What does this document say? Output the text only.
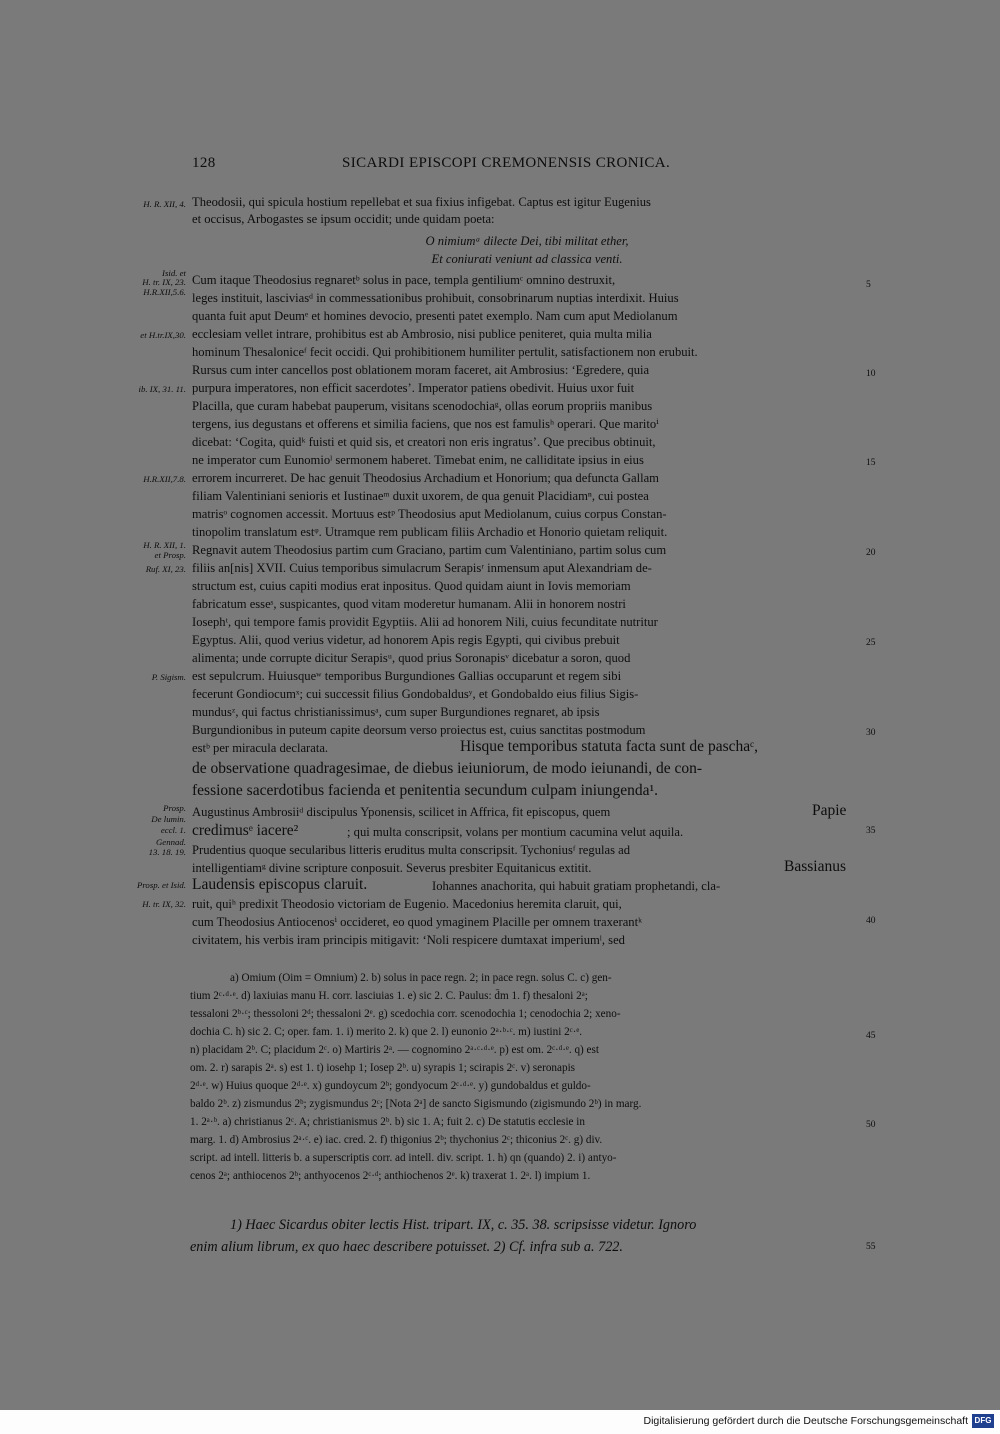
128	SICARDI EPISCOPI CREMONENSIS CRONICA.
Theodosii, qui spicula hostium repellebat et sua fixius infigebat. Captus est igitur Eugenius
et occisus, Arbogastes se ipsum occidit; unde quidam poeta:
O nimiumᵃ dilecte Dei, tibi militat ether,
Et coniurati veniunt ad classica venti.
Cum itaque Theodosius regnaretᵇ solus in pace, templa gentiliumᶜ omnino destruxit,
leges instituit, lasciviasᵈ in commessationibus prohibuit, consobrinarum nuptias interdixit. Huius
quanta fuit aput Deumᵉ et homines devocio, presenti patet exemplo. Nam cum aput Mediolanum
ecclesiam vellet intrare, prohibitus est ab Ambrosio, nisi publice peniteret, quia multa milia
hominum Thesaloniceᶠ fecit occidi. Qui prohibitionem humiliter pertulit, satisfactionem non erubuit.
Rursus cum inter cancellos post oblationem moram faceret, ait Ambrosius: ‘Egredere, quia
purpura imperatores, non efficit sacerdotes’. Imperator patiens obedivit. Huius uxor fuit
Placilla, que curam habebat pauperum, visitans scenodochiaᵍ, ollas eorum propriis manibus
tergens, ius degustans et offerens et similia faciens, que nos est famulisʰ operari. Que maritoⁱ
dicebat: ‘Cogita, quidᵏ fuisti et quid sis, et creatori non eris ingratus’. Que precibus obtinuit,
ne imperator cum Eunomioˡ sermonem haberet. Timebat enim, ne calliditate ipsius in eius
errorem incurreret. De hac genuit Theodosius Archadium et Honorium; qua defuncta Gallam
filiam Valentiniani senioris et Iustinaeᵐ duxit uxorem, de qua genuit Placidiamⁿ, cui postea
matrisᵒ cognomen accessit. Mortuus estᵖ Theodosius aput Mediolanum, cuius corpus Constan-
tinopolim translatum estᵠ. Utramque rem publicam filiis Archadio et Honorio quietam reliquit.
Regnavit autem Theodosius partim cum Graciano, partim cum Valentiniano, partim solus cum
filiis an[nis] XVII. Cuius temporibus simulacrum Serapisʳ inmensum aput Alexandriam de-
structum est, cuius capiti modius erat inpositus. Quod quidam aiunt in Iovis memoriam
fabricatum esseˢ, suspicantes, quod vitam moderetur humanam. Alii in honorem nostri
Iosephᵗ, qui tempore famis providit Egyptiis. Alii ad honorem Nili, cuius fecunditate nutritur
Egyptus. Alii, quod verius videtur, ad honorem Apis regis Egypti, qui civibus prebuit
alimenta; unde corrupte dicitur Serapisᵘ, quod prius Soronapisᵛ dicebatur a soron, quod
est sepulcrum. Huiusqueʷ temporibus Burgundiones Gallias occuparunt et regem sibi
fecerunt Gondiocumˣ; cui successit filius Gondobaldusʸ, et Gondobaldo eius filius Sigis-
mundusᶻ, qui factus christianissimusᵃ, cum super Burgundiones regnaret, ab ipsis
Burgundionibus in puteum capite deorsum verso proiectus est, cuius sanctitas postmodum
estᵇ per miracula declarata.	Hisque temporibus statuta facta sunt de paschaᶜ,
de observatione quadragesimae, de diebus ieiuniorum, de modo ieiunandi, de con-
fessione sacerdotibus facienda et penitentia secundum culpam iniungenda¹.
Augustinus Ambrosiiᵈ discipulus Yponensis, scilicet in Affrica, fit episcopus, quem	Papie
credimusᵉ iacere²	; qui multa conscripsit, volans per montium cacumina velut aquila.
Prudentius quoque secularibus litteris eruditus multa conscripsit. Tychoniusᶠ regulas ad
intelligentiamᵍ divine scripture conposuit. Severus presbiter Equitanicus extitit.	Bassianus
Laudensis episcopus claruit.	Iohannes anachorita, qui habuit gratiam prophetandi, cla-
ruit, quiʰ predixit Theodosio victoriam de Eugenio. Macedonius heremita claruit, qui,
cum Theodosius Antiocenosⁱ occideret, eo quod ymaginem Placille per omnem traxerantᵏ
civitatem, his verbis iram principis mitigavit: ‘Noli respicere dumtaxat imperiumˡ, sed
H. R. XII, 4.
Isid. et
H. tr. IX, 23.
H.R.XII,5.6.
et H.tr.IX,30.
ib. IX, 31. 11.
H.R.XII,7.8.
H. R. XII, 1.
et Prosp.
Ruf. XI, 23.
P. Sigism.
Prosp.
De lumin.
eccl. 1.
Gennad.
13. 18. 19.
Prosp. et Isid.
H. tr. IX, 32.
5
10
15
20
25
30
35
40
45
50
55
a) Omium (Oim = Omnium) 2. b) solus in pace regn. 2; in pace regn. solus C. c) gen-
tium 2ᶜ·ᵈ·ᵉ. d) laxiuias manu H. corr. lasciuias 1. e) sic 2. C. Paulus: d̄m 1. f) thesaloni 2ᵃ;
tessaloni 2ᵇ·ᶜ; thessoloni 2ᵈ; thessaloni 2ᵉ. g) scedochia corr. scenodochia 1; cenodochia 2; xeno-
dochia C. h) sic 2. C; oper. fam. 1. i) merito 2. k) que 2. l) eunonio 2ᵃ·ᵇ·ᶜ. m) iustini 2ᶜ·ᵉ.
n) placidam 2ᵇ. C; placidum 2ᶜ. o) Martiris 2ᵃ. — cognomino 2ᵃ·ᶜ·ᵈ·ᵉ. p) est om. 2ᶜ·ᵈ·ᵉ. q) est
om. 2. r) sarapis 2ᵃ. s) est 1. t) iosehp 1; Iosep 2ᵇ. u) syrapis 1; scirapis 2ᶜ. v) seronapis
2ᵈ·ᵉ. w) Huius quoque 2ᵈ·ᵉ. x) gundoycum 2ᵇ; gondyocum 2ᶜ·ᵈ·ᵉ. y) gundobaldus et guldo-
baldo 2ᵇ. z) zismundus 2ᵇ; zygismundus 2ᶜ; [Nota 2ᵃ] de sancto Sigismundo (zigismundo 2ᵇ) in marg.
1. 2ᵃ·ᵇ. a) christianus 2ᶜ. A; christianismus 2ᵇ. b) sic 1. A; fuit 2. c) De statutis ecclesie in
marg. 1. d) Ambrosius 2ᵃ·ᶜ. e) iac. cred. 2. f) thigonius 2ᵇ; thychonius 2ᶜ; thiconius 2ᶜ. g) div.
script. ad intell. litteris b. a superscriptis corr. ad intell. div. script. 1. h) qn (quando) 2. i) antyo-
cenos 2ᵃ; anthiocenos 2ᵇ; anthyocenos 2ᶜ·ᵈ; anthiochenos 2ᵉ. k) traxerat 1. 2ᵃ. l) impium 1.
1) Haec Sicardus obiter lectis Hist. tripart. IX, c. 35. 38. scripsisse videtur. Ignoro
enim alium librum, ex quo haec describere potuisset. 2) Cf. infra sub a. 722.
Digitalisierung gefördert durch die Deutsche Forschungsgemeinschaft DFG
